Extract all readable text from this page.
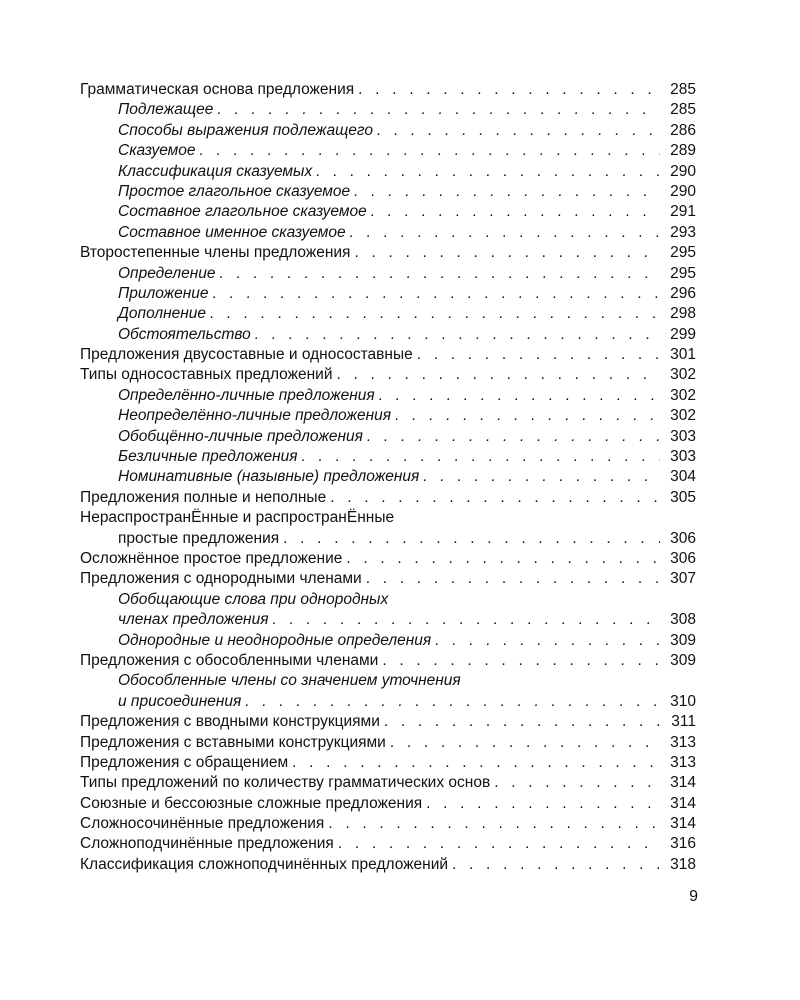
Грамматическая основа предложения . . .	285
Подлежащее . . .	285
Способы выражения подлежащего . . .	286
Сказуемое . . .	289
Классификация сказуемых . . .	290
Простое глагольное сказуемое . . .	290
Составное глагольное сказуемое . . .	291
Составное именное сказуемое . . .	293
Второстепенные члены предложения . . .	295
Определение . . .	295
Приложение . . .	296
Дополнение . . .	298
Обстоятельство . . .	299
Предложения двусоставные и односоставные . . .	301
Типы односоставных предложений . . .	302
Определённо-личные предложения . . .	302
Неопределённо-личные предложения . . .	302
Обобщённо-личные предложения . . .	303
Безличные предложения . . .	303
Номинативные (назывные) предложения . . .	304
Предложения полные и неполные . . .	305
НераспространЁнные и распространЁнные
простые предложения . . .	306
Осложнённое простое предложение . . .	306
Предложения с однородными членами . . .	307
Обобщающие слова при однородных
членах предложения . . .	308
Однородные и неоднородные определения . . .	309
Предложения с обособленными членами . . .	309
Обособленные члены со значением уточнения
и присоединения . . .	310
Предложения с вводными конструкциями . . .	311
Предложения с вставными конструкциями . . .	313
Предложения с обращением . . .	313
Типы предложений по количеству грамматических основ . . .	314
Союзные и бессоюзные сложные предложения . . .	314
Сложносочинённые предложения . . .	314
Сложноподчинённые предложения . . .	316
Классификация сложноподчинённых предложений . . .	318
9
